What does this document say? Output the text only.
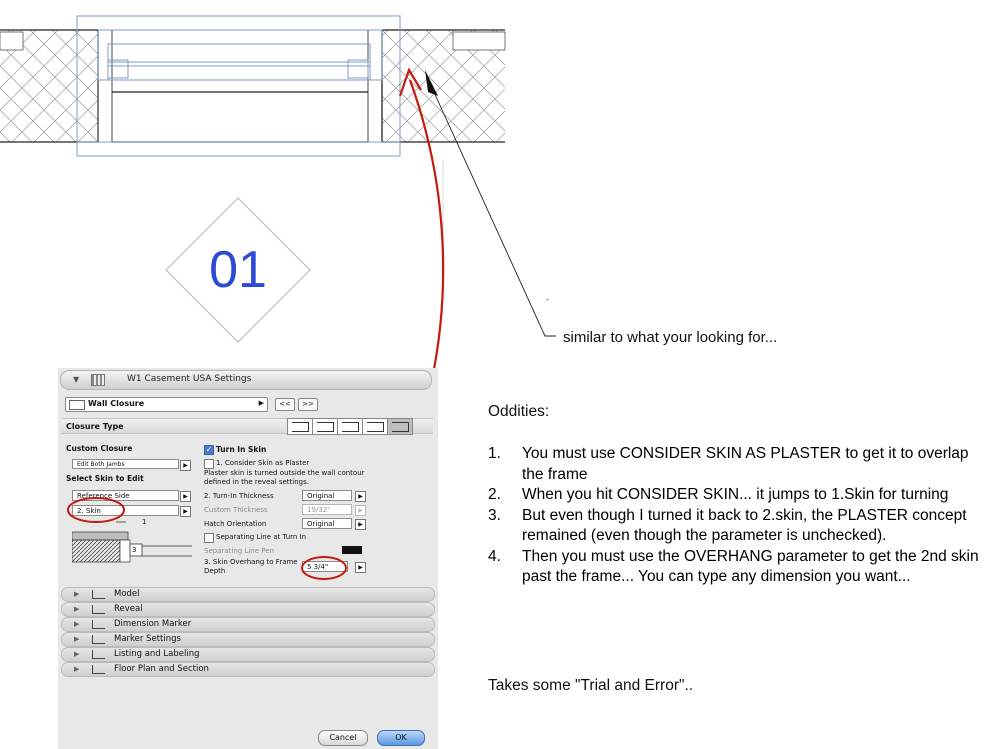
01
+
similar to what your looking for...
▼	W1 Casement USA Settings
Wall Closure	▶	<<	>>
Closure Type
Custom Closure
Edit Both Jambs	▶
Select Skin to Edit
Reference Side	▶
2. Skin	▶
1
3
✓ Turn In Skin
1. Consider Skin as Plaster
Plaster skin is turned outside the wall contour defined in the reveal settings.
2. Turn-In Thickness	Original	▶
Custom Thickness	19/32"	▶
Hatch Orientation	Original	▶
Separating Line at Turn In
Separating Line Pen
3. Skin Overhang to Frame
Depth	5 3/4"	▶
▶	Model
▶	Reveal
▶	Dimension Marker
▶	Marker Settings
▶	Listing and Labeling
▶	Floor Plan and Section
Cancel	OK
Oddities:
1. You must use CONSIDER SKIN AS PLASTER to get it to overlap the frame
2. When you hit CONSIDER SKIN... it jumps to 1.Skin for turning
3. But even though I turned it back to 2.skin, the PLASTER concept remained (even though the parameter is unchecked).
4. Then you must use the OVERHANG parameter to get the 2nd skin past the frame... You can type any dimension you want...
Takes some "Trial and Error"..
